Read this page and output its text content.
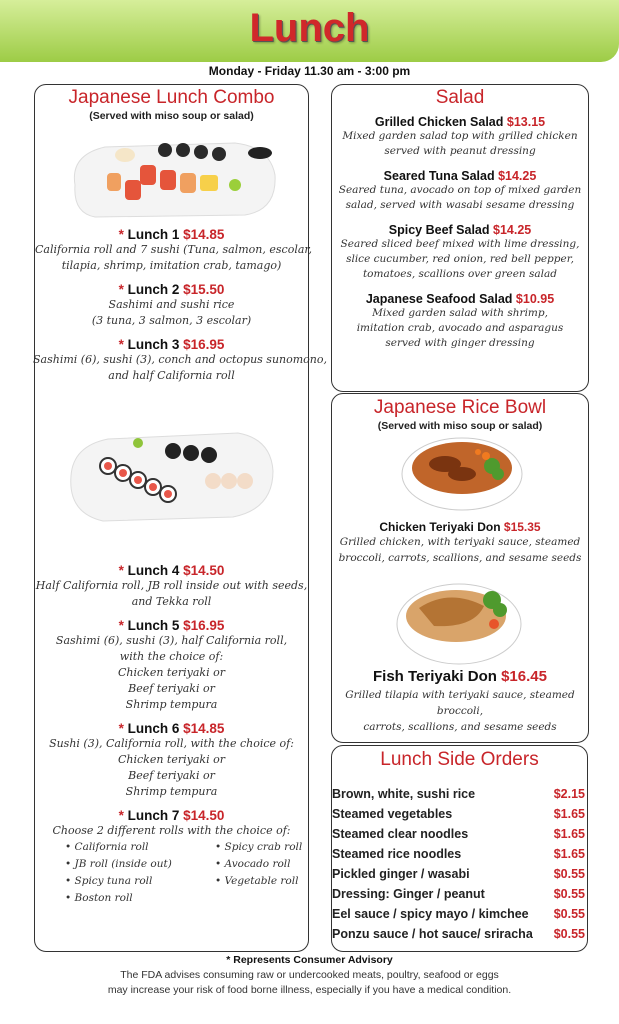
Lunch
Monday - Friday 11.30 am - 3:00 pm
Japanese Lunch Combo
(Served with miso soup or salad)
* Lunch 1 $14.85
California roll and 7 sushi (Tuna, salmon, escolar,
tilapia, shrimp, imitation crab, tamago)
* Lunch 2 $15.50
Sashimi and sushi rice
(3 tuna, 3 salmon, 3 escolar)
* Lunch 3 $16.95
Sashimi (6), sushi (3), conch and octopus sunomono,
and half California roll
* Lunch 4 $14.50
Half California roll, JB roll inside out with seeds,
and Tekka roll
* Lunch 5 $16.95
Sashimi (6), sushi (3), half California roll,
with the choice of:
Chicken teriyaki or
Beef teriyaki or
Shrimp tempura
* Lunch 6 $14.85
Sushi (3), California roll, with the choice of:
Chicken teriyaki or
Beef teriyaki or
Shrimp tempura
* Lunch 7 $14.50
Choose 2 different rolls with the choice of:
• California roll	• Spicy crab roll
• JB roll (inside out)	• Avocado roll
• Spicy tuna roll	• Vegetable roll
• Boston roll
Salad
Grilled Chicken Salad $13.15
Mixed garden salad top with grilled chicken
served with peanut dressing
Seared Tuna Salad $14.25
Seared tuna, avocado on top of mixed garden
salad, served with wasabi sesame dressing
Spicy Beef Salad $14.25
Seared sliced beef mixed with lime dressing,
slice cucumber, red onion, red bell pepper,
tomatoes, scallions over green salad
Japanese Seafood Salad $10.95
Mixed garden salad with shrimp,
imitation crab, avocado and asparagus
served with ginger dressing
Japanese Rice Bowl
(Served with miso soup or salad)
Chicken Teriyaki Don $15.35
Grilled chicken, with teriyaki sauce, steamed
broccoli, carrots, scallions, and sesame seeds
Fish Teriyaki Don $16.45
Grilled tilapia with teriyaki sauce, steamed broccoli,
carrots, scallions, and sesame seeds
Lunch Side Orders
Brown, white, sushi rice	$2.15
Steamed vegetables	$1.65
Steamed clear noodles	$1.65
Steamed rice noodles	$1.65
Pickled ginger / wasabi	$0.55
Dressing: Ginger / peanut	$0.55
Eel sauce / spicy mayo / kimchee $0.55
Ponzu sauce / hot sauce/ sriracha $0.55
* Represents Consumer Advisory
The FDA advises consuming raw or undercooked meats, poultry, seafood or eggs
may increase your risk of food borne illness, especially if you have a medical condition.
